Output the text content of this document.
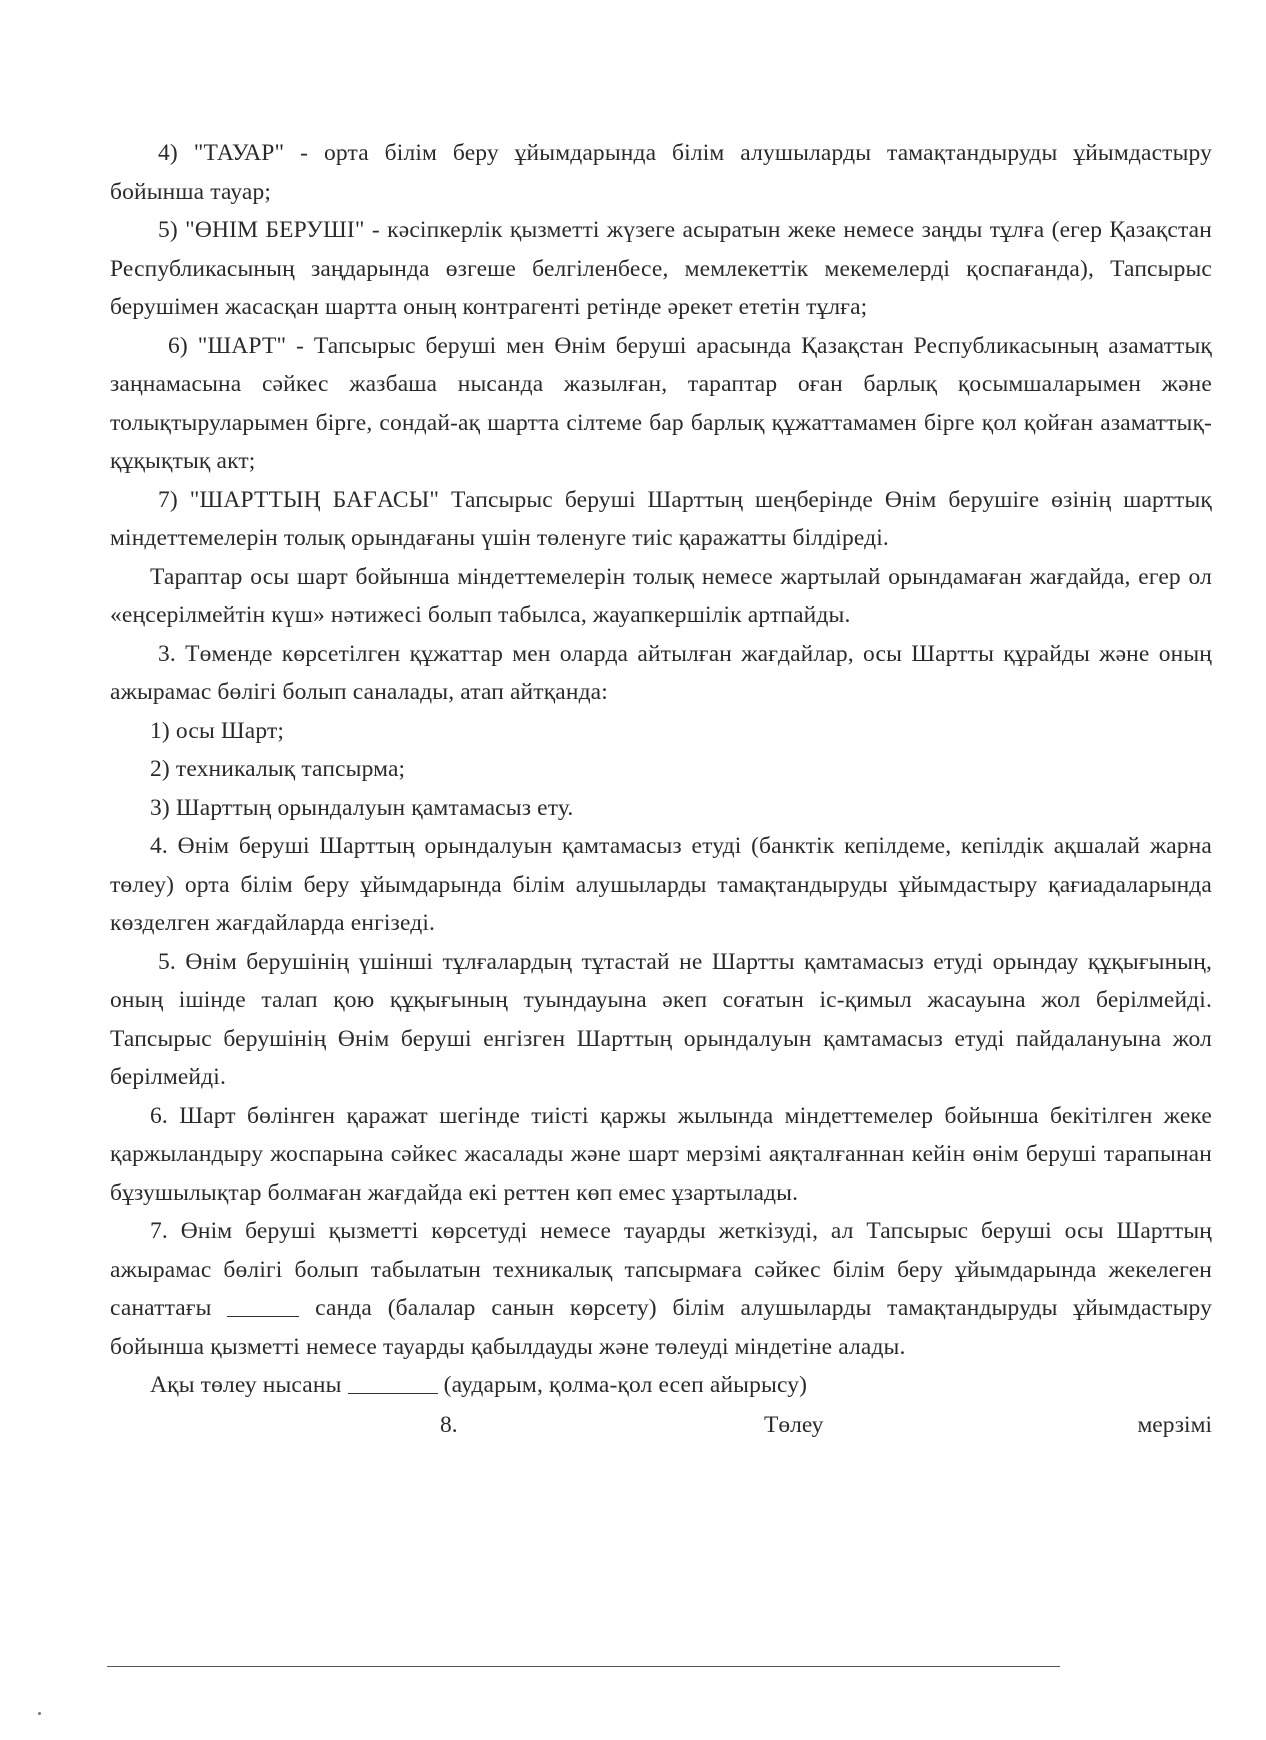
4) "ТАУАР" - орта білім беру ұйымдарында білім алушыларды тамақтандыруды ұйымдастыру бойынша тауар;

5) "ӨНІМ БЕРУШІ" - кәсіпкерлік қызметті жүзеге асыратын жеке немесе заңды тұлға (егер Қазақстан Республикасының заңдарында өзгеше белгіленбесе, мемлекеттік мекемелерді қоспағанда), Тапсырыс берушімен жасасқан шартта оның контрагенті ретінде әрекет ететін тұлға;

6) "ШАРТ" - Тапсырыс беруші мен Өнім беруші арасында Қазақстан Республикасының азаматтық заңнамасына сәйкес жазбаша нысанда жазылған, тараптар оған барлық қосымшаларымен және толықтыруларымен бірге, сондай-ақ шартта сілтеме бар барлық құжаттамамен бірге қол қойған азаматтық-құқықтық акт;

7) "ШАРТТЫҢ БАҒАСЫ" Тапсырыс беруші Шарттың шеңберінде Өнім берушіге өзінің шарттық міндеттемелерін толық орындағаны үшін төленуге тиіс қаражатты білдіреді.

Тараптар осы шарт бойынша міндеттемелерін толық немесе жартылай орындамаған жағдайда, егер ол «еңсерілмейтін күш» нәтижесі болып табылса, жауапкершілік артпайды.

3. Төменде көрсетілген құжаттар мен оларда айтылған жағдайлар, осы Шартты құрайды және оның ажырамас бөлігі болып саналады, атап айтқанда:

1) осы Шарт;

2) техникалық тапсырма;

3) Шарттың орындалуын қамтамасыз ету.

4. Өнім беруші Шарттың орындалуын қамтамасыз етуді (банктік кепілдеме, кепілдік ақшалай жарна төлеу) орта білім беру ұйымдарында білім алушыларды тамақтандыруды ұйымдастыру қағиадаларында көзделген жағдайларда енгізеді.

5. Өнім берушінің үшінші тұлғалардың тұтастай не Шартты қамтамасыз етуді орындау құқығының, оның ішінде талап қою құқығының туындауына әкеп соғатын іс-қимыл жасауына жол берілмейді. Тапсырыс берушінің Өнім беруші енгізген Шарттың орындалуын қамтамасыз етуді пайдалануына жол берілмейді.

6. Шарт бөлінген қаражат шегінде тиісті қаржы жылында міндеттемелер бойынша бекітілген жеке қаржыландыру жоспарына сәйкес жасалады және шарт мерзімі аяқталғаннан кейін өнім беруші тарапынан бұзушылықтар болмаған жағдайда екі реттен көп емес ұзартылады.

7. Өнім беруші қызметті көрсетуді немесе тауарды жеткізуді, ал Тапсырыс беруші осы Шарттың ажырамас бөлігі болып табылатын техникалық тапсырмаға сәйкес білім беру ұйымдарында жекелеген санаттағы	санда (балалар санын көрсету) білім алушыларды тамақтандыруды ұйымдастыру бойынша қызметті немесе тауарды қабылдауды және төлеуді міндетіне алады.

Ақы төлеу нысаны	(аударым, қолма-қол есеп айырысу)

8.	Төлеу	мерзімі
